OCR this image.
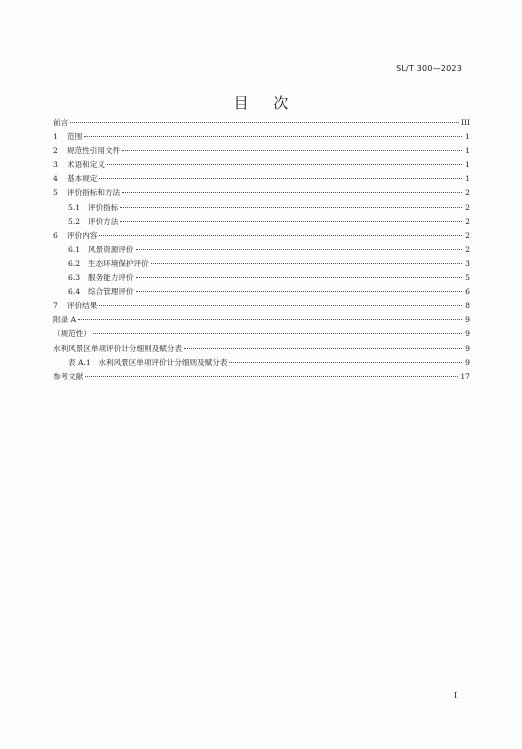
SL/T 300—2023
目 次
前言	III
1	范围	1
2	规范性引用文件	1
3	术语和定义	1
4	基本规定	1
5	评价指标和方法	2
5.1 评价指标	2
5.2 评价方法	2
6	评价内容	2
6.1 风景资源评价	2
6.2 生态环境保护评价	3
6.3 服务能力评价	5
6.4 综合管理评价	6
7	评价结果	8
附录 A	9
（规范性）	9
水利风景区单项评价计分细则及赋分表	9
表 A.1　水利风景区单项评价计分细则及赋分表	9
参考文献	17
I
